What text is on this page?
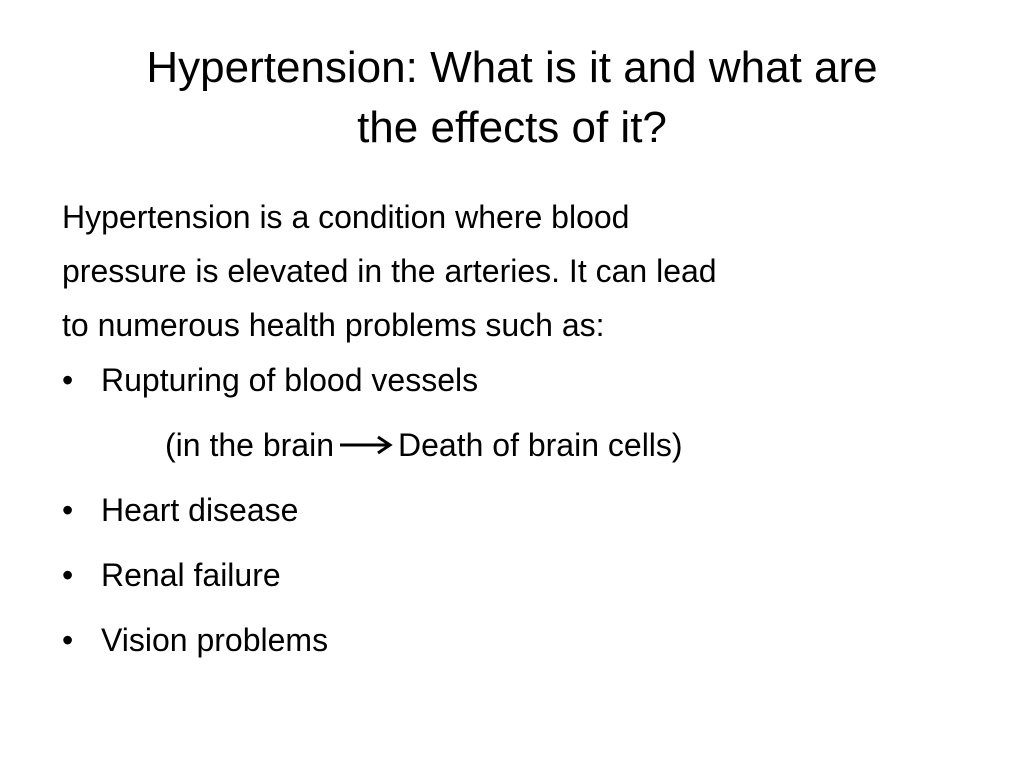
Hypertension: What is it and what are
the effects of it?

Hypertension is a condition where blood
pressure is elevated in the arteries. It can lead
to numerous health problems such as:

• Rupturing of blood vessels
(in the brain Death of brain cells)
• Heart disease
• Renal failure
• Vision problems
